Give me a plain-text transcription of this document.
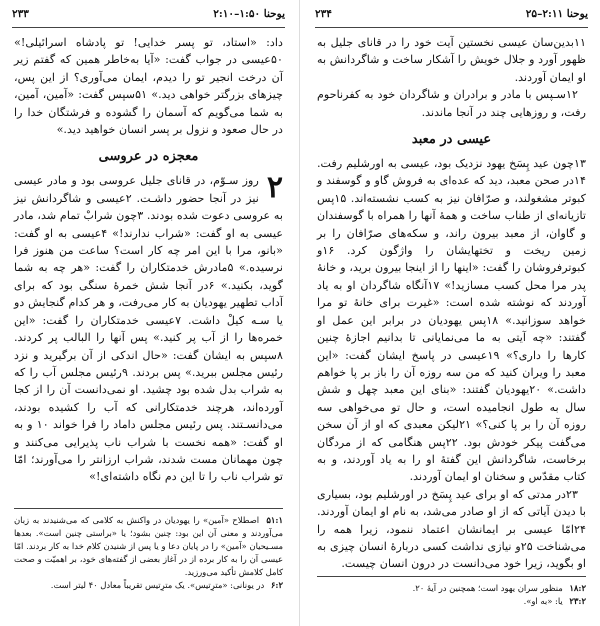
یوحنا ۱:۵۰–۲:۱۰
۲۳۳

داد: «استاد، تو پسر خدایی! تو پادشاه اسرائیلی!» ۵۰عیسی در جواب گفت: «آیا به‌خاطر همین که گفتم زیر آن درخت انجیر تو را دیدم، ایمان می‌آوری؟ از این پس، چیزهای بزرگتر خواهی دید.» ۵۱سپس گفت: «آمین، آمین، به شما می‌گویم که آسمان را گشوده و فرشتگان خدا را در حال صعود و نزول بر پسر انسان خواهید دید.»

معجزه در عروسی
۲

روز سـوّم، در قانای جلیل عروسی بود و مادر عیسی نیز در آنجا حضور داشـت. ۲عیسی و شاگردانش نیز به عروسی دعوت شده بودند. ۳چون شرابْ تمام شد، مادر عیسی به او گفت: «شراب ندارند!» ۴عیسی به او گفت: «بانو، مرا با این امر چه کار است؟ ساعت من هنوز فرا نرسیده.» ۵مادرش خدمتکاران را گفت: «هر چه به شما گوید، بکنید.» ۶در آنجا شش خمرهٔ سنگی بود که برای آداب تطهیر یهودیان به کار می‌رفت، و هر کدام گنجایش دو یا سـه کیلْ داشت. ۷عیسی خدمتکاران را گفت: «این خمره‌ها را از آب پر کنید.» پس آنها را البالب پر کردند. ۸سپس به ایشان گفت: «حال اندکی از آن برگیرید و نزد رئیس مجلس ببرید.» پس بردند. ۹رئیس مجلس آب را که به شراب بدل شده بود چشید. او نمی‌دانست آن را از کجا آورده‌اند، هرچند خدمتکارانی که آب را کشیده بودند، می‌دانسـتند. پس رئیس مجلس داماد را فرا خواند ۱۰ و به او گفت: «همه نخست با شراب ناب پذیرایی می‌کنند و چون مهمانان مست شدند، شراب ارزانتر را می‌آورند؛ امّا تو شراب ناب را تا این دم نگاه داشته‌ای!»

۵۱:۱ اصطلاح «آمین» را یهودیان در واکنش به کلامی که می‌شنیدند به زبان می‌آوردند و معنی آن این بود: چنین بشود؛ یا «براستی چنین است». بعدها مسـیحیان «آمین» را در پایان دعا و یا پس از شنیدن کلام خدا به کار بردند. امّا عیسی آن را به کار برده از در آغاز بعضی از گفته‌های خود، بر اهمیّت و صحت کامل کلامش تأکید می‌ورزید.
۶:۲ در یونانی: «مترِتیس». یک مترِتیس تقریباً معادل ۴۰ لیتر است.
یوحنا ۲:۱۱–۲۵
۲۳۴

۱۱بدین‌سان عیسی نخستین آیت خود را در قانای جلیل به ظهور آورد و جلال خویش را آشکار ساخت و شاگردانش به او ایمان آوردند.

۱۲سـپس با مادر و برادران و شاگردان خود به کفرناحوم رفت، و روزهایی چند در آنجا ماندند.

عیسی در معبد

۱۳چون عید پِسَخ یهود نزدیک بود، عیسی به اورشلیم رفت. ۱۴در صحن معبد، دید که عده‌ای به فروش گاو و گوسفند و کبوتر مشغولند، و صرّافان نیز به کسب نشسته‌اند. ۱۵پس تازیانه‌ای از طناب ساخت و همهٔ آنها را همراه با گوسفندان و گاوان، از معبد بیرون راند، و سکه‌های صرّافان را بر زمین ریخت و تختهایشان را واژگون کرد. ۱۶و کبوترفروشان را گفت: «اینها را از اینجا بیرون برید، و خانهٔ پدر مرا محل کسب مسازید!» ۱۷آنگاه شاگردان او به یاد آوردند که نوشته شده است: «غیرت برای خانهٔ تو مرا خواهد سوزانید.» ۱۸پس یهودیان در برابر این عمل او گفتند: «چه آیتی به ما می‌نمایانی تا بدانیم اجازهٔ چنین کارها را داری؟» ۱۹عیسی در پاسخ ایشان گفت: «این معبد را ویران کنید که من سه روزه آن را باز بر پا خواهم داشت.» ۲۰یهودیان گفتند: «بنای این معبد چهل و شش سال به طول انجامیده است، و حال تو می‌خواهی سه روزه آن را بر پا کنی؟» ۲۱لیکن معبدی که او از آن سخن می‌گفت پیکر خودش بود. ۲۲پس هنگامی که از مردگان برخاست، شاگردانش این گفتهٔ او را به یاد آوردند، و به کتاب مقدّس و سخنان او ایمان آوردند.

۲۳در مدتی که او برای عید پِسَخ در اورشلیم بود، بسیاری با دیدن آیاتی که از او صادر می‌شد، به نام او ایمان آوردند. ۲۴امّا عیسی بر ایمانشان اعتماد ننمود، زیرا همه را می‌شناخت ۲۵و نیازی نداشت کسی دربارهٔ انسان چیزی به او بگوید، زیرا خود می‌دانست در درون انسان چیست.

۱۸:۲ منظور سران یهود است؛ همچنین در آیهٔ ۲۰.
۲۳:۲ یا: «به او».
